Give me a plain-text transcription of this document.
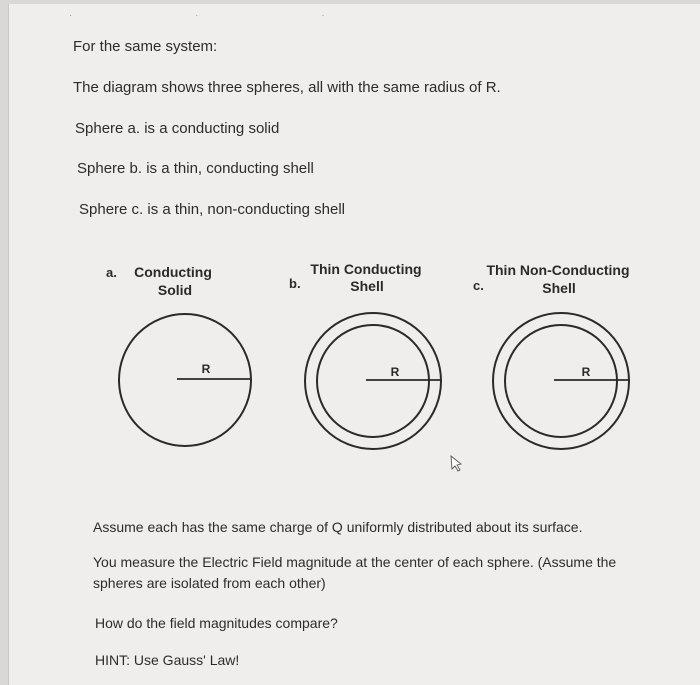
· · ·
For the same system:
The diagram shows three spheres, all with the same radius of R.
Sphere a. is a conducting solid
Sphere b. is a thin, conducting shell
Sphere c. is a thin, non-conducting shell
a. Conducting
Solid
R
b.
Thin Conducting
Shell
R
c.
Thin Non-Conducting
Shell
R
Assume each has the same charge of Q uniformly distributed about its surface.
You measure the Electric Field magnitude at the center of each sphere. (Assume the spheres are isolated from each other)
How do the field magnitudes compare?
HINT: Use Gauss' Law!
